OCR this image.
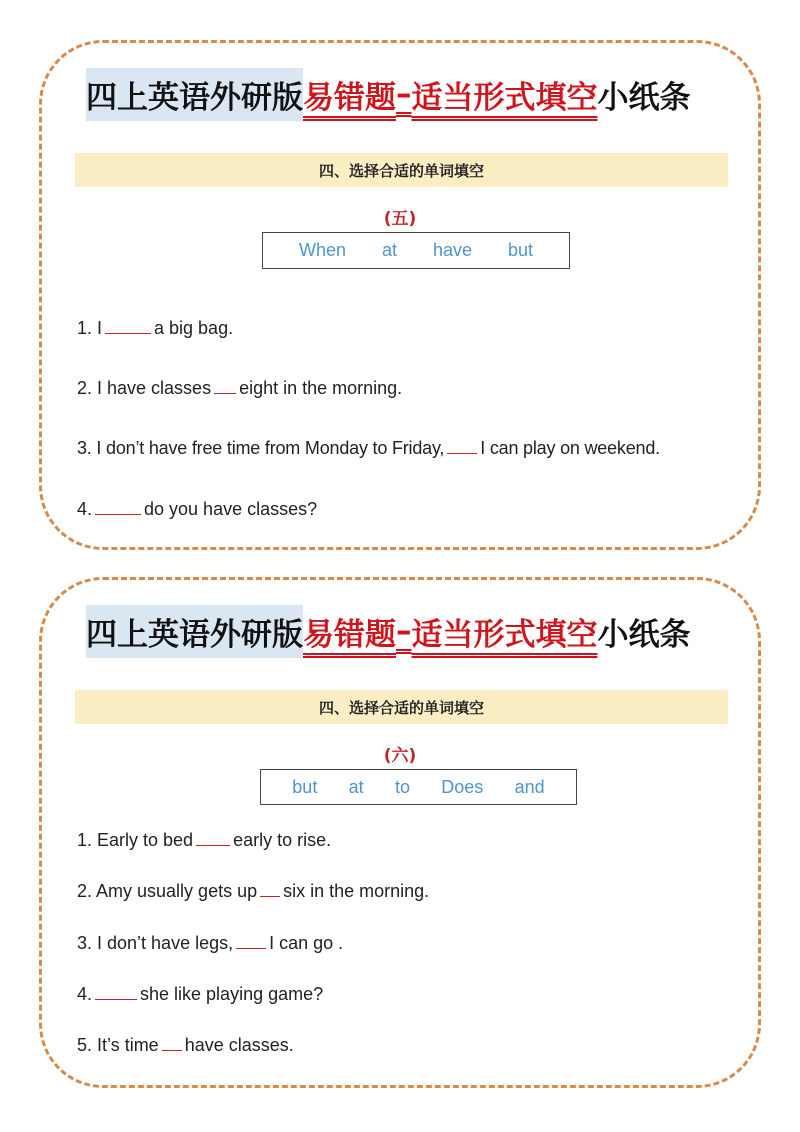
四上英语外研版 易错题 – 适当形式填空 小纸条
四、选择合适的单词填空
(五)
When at have but
1. I	a big bag.
2. I have classes eight in the morning.
3. I don’t have free time from Monday to Friday, I can play on weekend.
4.	do you have classes?
四上英语外研版 易错题 – 适当形式填空 小纸条
四、选择合适的单词填空
(六)
but at to Does and
1. Early to bed early to rise.
2. Amy usually gets up six in the morning.
3. I don’t have legs, I can go .
4.	she like playing game?
5. It’s time have classes.
